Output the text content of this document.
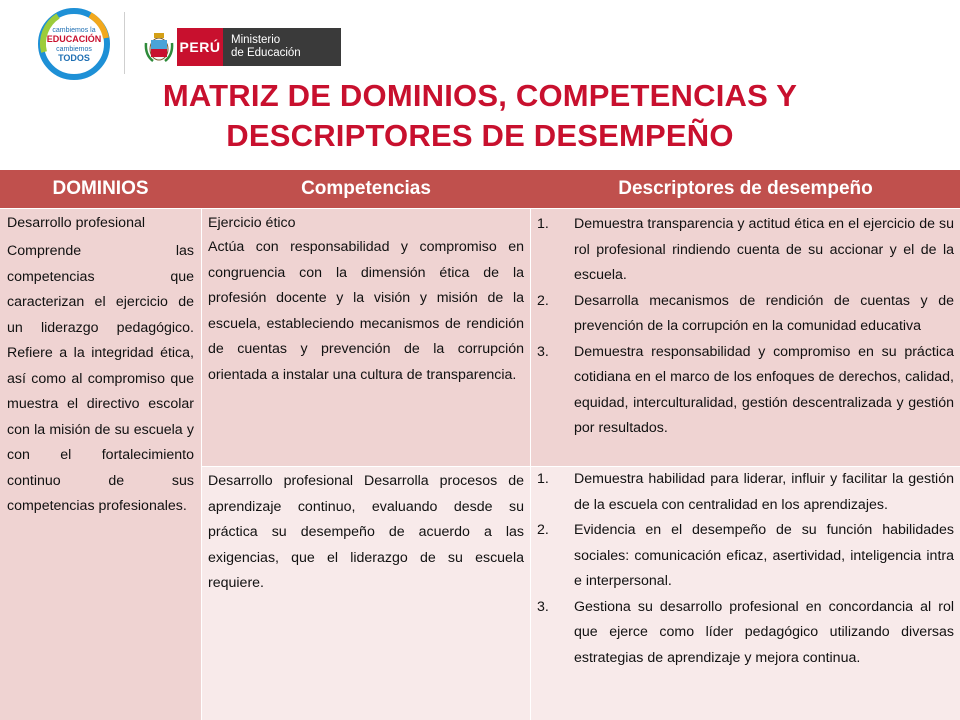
cambiemos la
EDUCACIÓN
cambiemos
TODOS
PERÚ Ministerio
de Educación
MATRIZ DE DOMINIOS, COMPETENCIAS Y
DESCRIPTORES DE DESEMPEÑO
DOMINIOS	Competencias	Descriptores de desempeño

Desarrollo profesional

Comprende las competencias que caracterizan el ejercicio de un liderazgo pedagógico. Refiere a la integridad ética, así como al compromiso que muestra el directivo escolar con la misión de su escuela y con el fortalecimiento continuo de sus competencias profesionales.

Ejercicio ético

Actúa con responsabilidad y compromiso en congruencia con la dimensión ética de la profesión docente y la visión y misión de la escuela, estableciendo mecanismos de rendición de cuentas y prevención de la corrupción orientada a instalar una cultura de transparencia.

1. Demuestra transparencia y actitud ética en el ejercicio de su rol profesional rindiendo cuenta de su accionar y el de la escuela.
2. Desarrolla mecanismos de rendición de cuentas y de prevención de la corrupción en la comunidad educativa
3. Demuestra responsabilidad y compromiso en su práctica cotidiana en el marco de los enfoques de derechos, calidad, equidad, interculturalidad, gestión descentralizada y gestión por resultados.

Desarrollo profesional Desarrolla procesos de aprendizaje continuo, evaluando desde su práctica su desempeño de acuerdo a las exigencias, que el liderazgo de su escuela requiere.

1. Demuestra habilidad para liderar, influir y facilitar la gestión de la escuela con centralidad en los aprendizajes.
2. Evidencia en el desempeño de su función habilidades sociales: comunicación eficaz, asertividad, inteligencia intra e interpersonal.
3. Gestiona su desarrollo profesional en concordancia al rol que ejerce como líder pedagógico utilizando diversas estrategias de aprendizaje y mejora continua.
